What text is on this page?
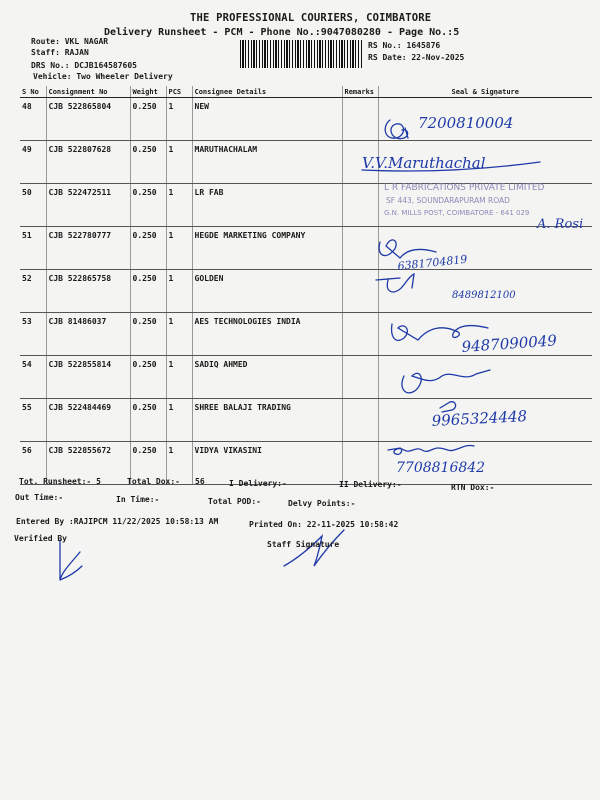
THE PROFESSIONAL COURIERS, COIMBATORE
Delivery Runsheet - PCM - Phone No.:9047080280 - Page No.:5
Route: VKL NAGAR
Staff: RAJAN
DRS No.: DCJB164587605
Vehicle: Two Wheeler Delivery
RS No.: 1645876
RS Date: 22-Nov-2025
S No	Consignment No	Weight	PCS	Consignee Details	Remarks	Seal & Signature
48	CJB 522865804	0.250	1	NEW		
49	CJB 522807628	0.250	1	MARUTHACHALAM		
50	CJB 522472511	0.250	1	LR FAB		
51	CJB 522780777	0.250	1	HEGDE MARKETING COMPANY		
52	CJB 522865758	0.250	1	GOLDEN		
53	CJB 81486037	0.250	1	AES TECHNOLOGIES INDIA		
54	CJB 522855814	0.250	1	SADIQ AHMED		
55	CJB 522484469	0.250	1	SHREE BALAJI TRADING		
56	CJB 522855672	0.250	1	VIDYA VIKASINI		
7200810004
V.V.Maruthachal
L R FABRICATIONS PRIVATE LIMITED
SF 443, SOUNDARAPURAM ROAD
G.N. MILLS POST, COIMBATORE - 641 029
A. Rosi
6381704819
8489812100
9487090049
9965324448
7708816842
Tot. Runsheet:- 5	Total Dox:- 56	I Delivery:-	II Delivery:-	RTN Dox:-
Out Time:-	In Time:-	Total POD:-	Delvy Points:-
Entered By :RAJIPCM 11/22/2025 10:58:13 AM	Printed On: 22-11-2025 10:58:42
Verified By
Staff Signature
